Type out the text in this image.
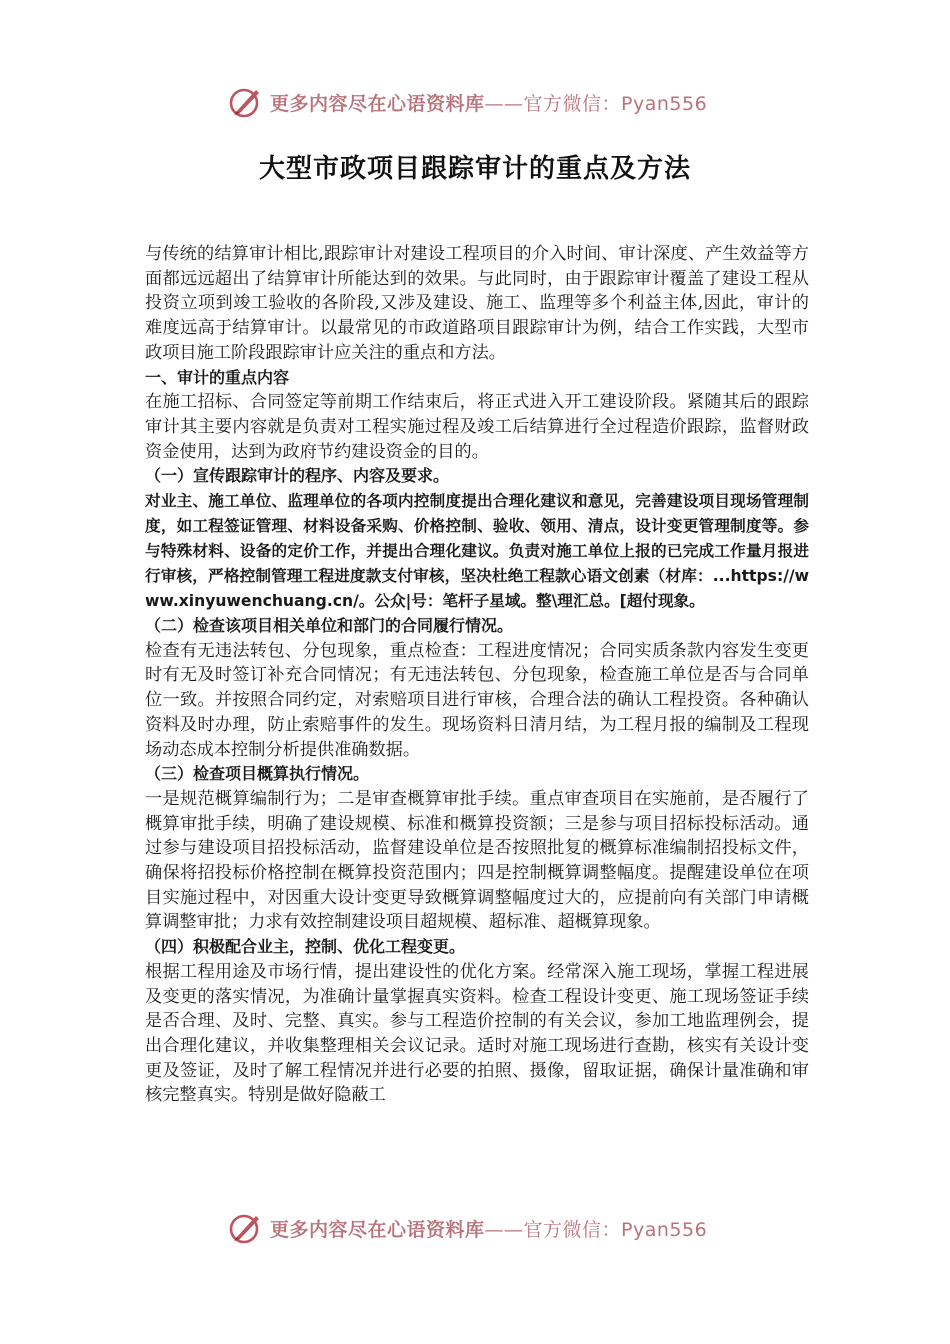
更多内容尽在心语资料库——官方微信：Pyan556
大型市政项目跟踪审计的重点及方法

与传统的结算审计相比,跟踪审计对建设工程项目的介入时间、审计深度、产生效益等方面都远远超出了结算审计所能达到的效果。与此同时，由于跟踪审计覆盖了建设工程从投资立项到竣工验收的各阶段,又涉及建设、施工、监理等多个利益主体,因此，审计的难度远高于结算审计。以最常见的市政道路项目跟踪审计为例，结合工作实践，大型市政项目施工阶段跟踪审计应关注的重点和方法。

一、审计的重点内容

在施工招标、合同签定等前期工作结束后，将正式进入开工建设阶段。紧随其后的跟踪审计其主要内容就是负责对工程实施过程及竣工后结算进行全过程造价跟踪，监督财政资金使用，达到为政府节约建设资金的目的。

（一）宣传跟踪审计的程序、内容及要求。

对业主、施工单位、监理单位的各项内控制度提出合理化建议和意见，完善建设项目现场管理制度，如工程签证管理、材料设备采购、价格控制、验收、领用、清点，设计变更管理制度等。参与特殊材料、设备的定价工作，并提出合理化建议。负责对施工单位上报的已完成工作量月报进行审核，严格控制管理工程进度款支付审核，坚决杜绝工程款心语文创素（材库：...https://www.xinyuwenchuang.cn/。公众|号：笔杆子星域。整\理汇总。[超付现象。

（二）检查该项目相关单位和部门的合同履行情况。

检查有无违法转包、分包现象，重点检查：工程进度情况；合同实质条款内容发生变更时有无及时签订补充合同情况；有无违法转包、分包现象，检查施工单位是否与合同单位一致。并按照合同约定，对索赔项目进行审核，合理合法的确认工程投资。各种确认资料及时办理，防止索赔事件的发生。现场资料日清月结，为工程月报的编制及工程现场动态成本控制分析提供准确数据。

（三）检查项目概算执行情况。

一是规范概算编制行为；二是审查概算审批手续。重点审查项目在实施前，是否履行了概算审批手续，明确了建设规模、标准和概算投资额；三是参与项目招标投标活动。通过参与建设项目招投标活动，监督建设单位是否按照批复的概算标准编制招投标文件，确保将招投标价格控制在概算投资范围内；四是控制概算调整幅度。提醒建设单位在项目实施过程中，对因重大设计变更导致概算调整幅度过大的，应提前向有关部门申请概算调整审批；力求有效控制建设项目超规模、超标准、超概算现象。

（四）积极配合业主，控制、优化工程变更。

根据工程用途及市场行情，提出建设性的优化方案。经常深入施工现场，掌握工程进展及变更的落实情况，为准确计量掌握真实资料。检查工程设计变更、施工现场签证手续是否合理、及时、完整、真实。参与工程造价控制的有关会议，参加工地监理例会，提出合理化建议，并收集整理相关会议记录。适时对施工现场进行查勘，核实有关设计变更及签证，及时了解工程情况并进行必要的拍照、摄像，留取证据，确保计量准确和审核完整真实。特别是做好隐蔽工

更多内容尽在心语资料库——官方微信：Pyan556
